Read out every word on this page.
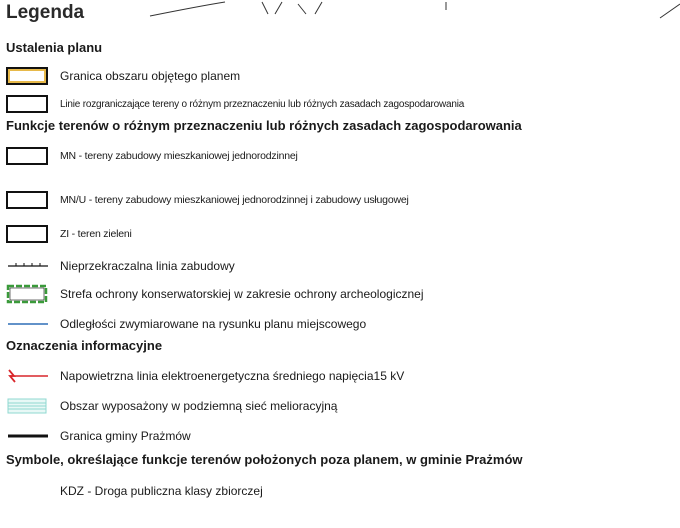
Legenda
Ustalenia planu
Granica obszaru objętego planem
Linie rozgraniczające tereny o różnym przeznaczeniu lub różnych zasadach zagospodarowania
Funkcje terenów o różnym przeznaczeniu lub różnych zasadach zagospodarowania
MN - tereny zabudowy mieszkaniowej jednorodzinnej
MN/U - tereny zabudowy mieszkaniowej jednorodzinnej i zabudowy usługowej
ZI - teren zieleni
Nieprzekraczalna linia zabudowy
Strefa ochrony konserwatorskiej w zakresie ochrony archeologicznej
Odległości zwymiarowane na rysunku planu miejscowego
Oznaczenia informacyjne
Napowietrzna linia elektroenergetyczna średniego napięcia15 kV
Obszar wyposażony w podziemną sieć melioracyjną
Granica gminy Prażmów
Symbole, określające funkcje terenów położonych poza planem, w gminie Prażmów
KDZ - Droga publiczna klasy zbiorczej
